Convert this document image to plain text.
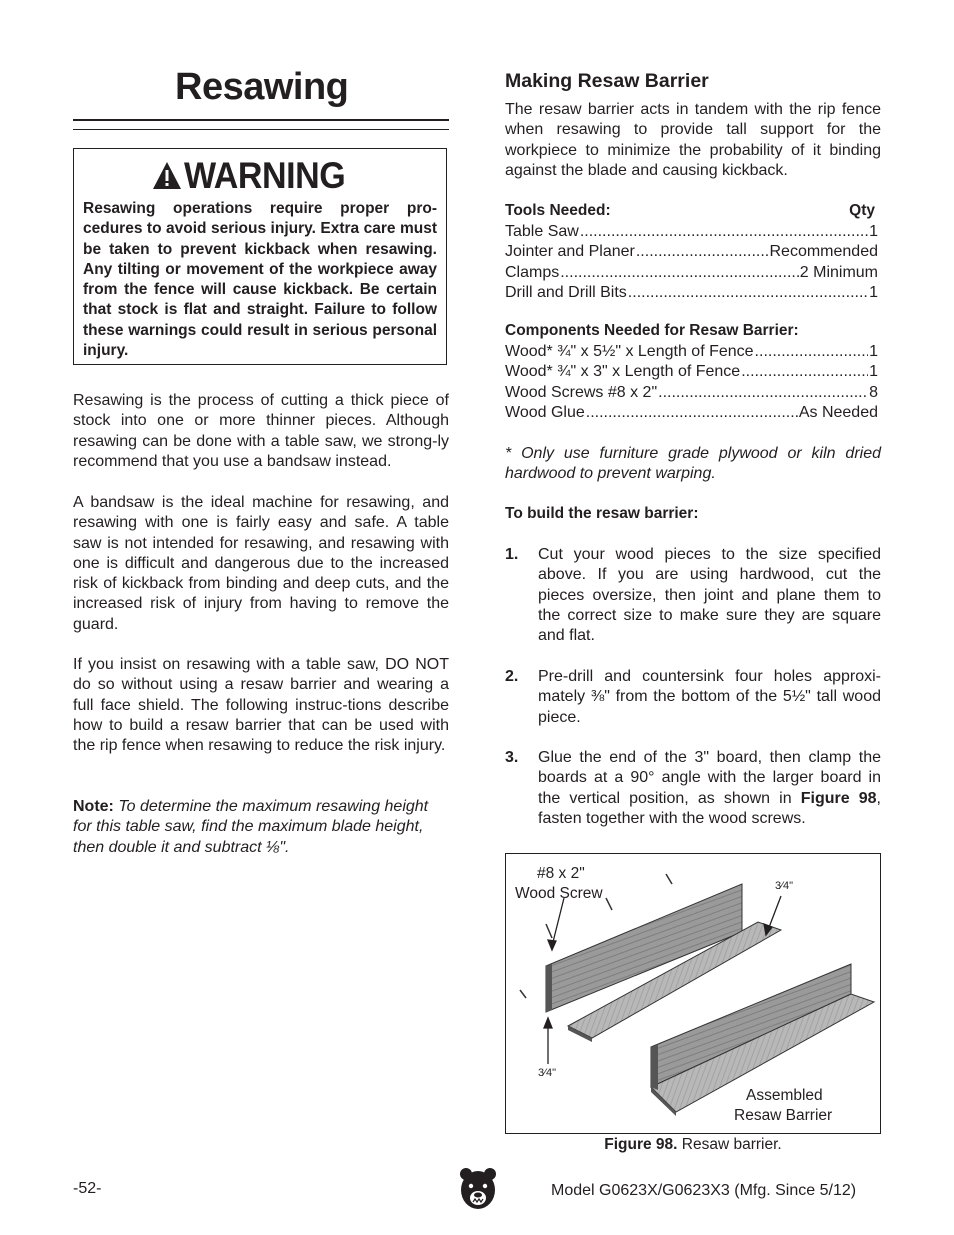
Resawing
WARNING
Resawing operations require proper pro-cedures to avoid serious injury. Extra care must be taken to prevent kickback when resawing. Any tilting or movement of the workpiece away from the fence will cause kickback. Be certain that stock is flat and straight. Failure to follow these warnings could result in serious personal injury.
Resawing is the process of cutting a thick piece of stock into one or more thinner pieces. Although resawing can be done with a table saw, we strong-ly recommend that you use a bandsaw instead.
A bandsaw is the ideal machine for resawing, and resawing with one is fairly easy and safe. A table saw is not intended for resawing, and resawing with one is difficult and dangerous due to the increased risk of kickback from binding and deep cuts, and the increased risk of injury from having to remove the guard.
If you insist on resawing with a table saw, DO NOT do so without using a resaw barrier and wearing a full face shield. The following instruc-tions describe how to build a resaw barrier that can be used with the rip fence when resawing to reduce the risk injury.
Note: To determine the maximum resawing height for this table saw, find the maximum blade height, then double it and subtract ⅛".
Making Resaw Barrier
The resaw barrier acts in tandem with the rip fence when resawing to provide tall support for the workpiece to minimize the probability of it binding against the blade and causing kickback.
Tools Needed:	Qty
Table Saw .....	1
Jointer and Planer .....	Recommended
Clamps .....	2 Minimum
Drill and Drill Bits .....	1
Components Needed for Resaw Barrier:
Wood* ¾" x 5½" x Length of Fence .....	1
Wood* ¾" x 3" x Length of Fence .....	1
Wood Screws #8 x 2" .....	8
Wood Glue .....	As Needed
* Only use furniture grade plywood or kiln dried hardwood to prevent warping.
To build the resaw barrier:
1.	Cut your wood pieces to the size specified above. If you are using hardwood, cut the pieces oversize, then joint and plane them to the correct size to make sure they are square and flat.
2.	Pre-drill and countersink four holes approxi-mately ⅜" from the bottom of the 5½" tall wood piece.
3.	Glue the end of the 3" board, then clamp the boards at a 90° angle with the larger board in the vertical position, as shown in Figure 98, fasten together with the wood screws.
#8 x 2"
Wood Screw	3⁄4"
3⁄4"
Assembled
Resaw Barrier
Figure 98. Resaw barrier.
-52-	Model G0623X/G0623X3 (Mfg. Since 5/12)
